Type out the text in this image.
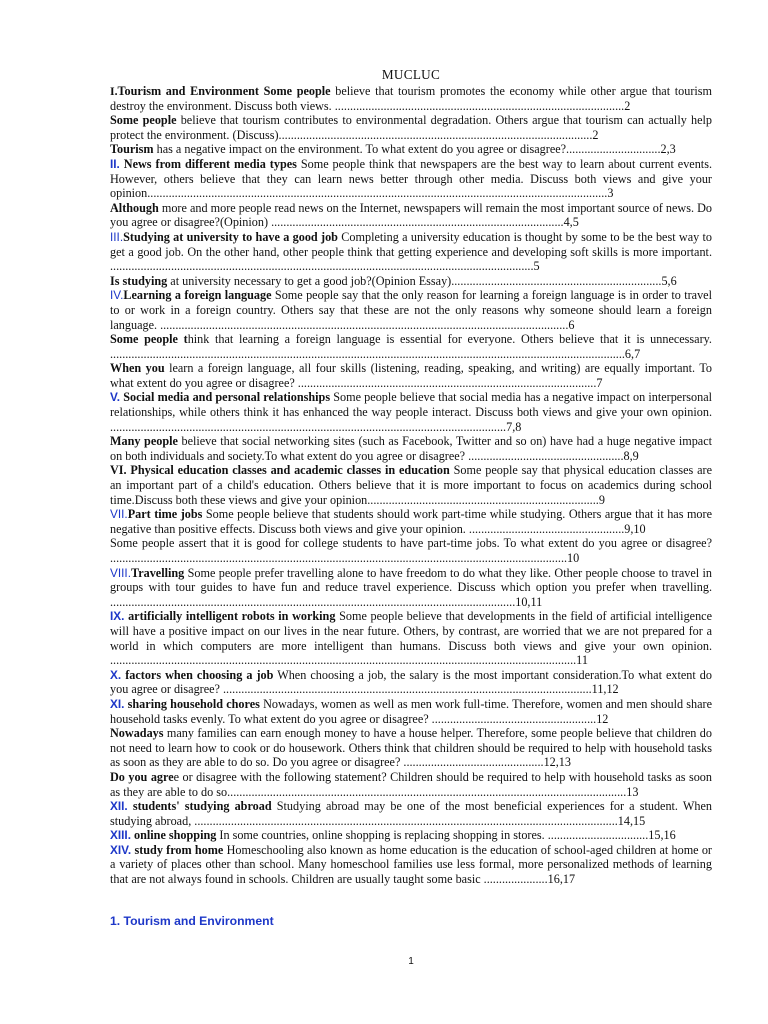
MUCLUC
I.Tourism and Environment Some people believe that tourism promotes the economy while other argue that tourism destroy the environment. Discuss both views. ...............................................................................................2
Some people believe that tourism contributes to environmental degradation. Others argue that tourism can actually help protect the environment. (Discuss).......................................................................................................2
Tourism has a negative impact on the environment. To what extent do you agree or disagree?...............................2,3
II. News from different media types Some people think that newspapers are the best way to learn about current events. However, others believe that they can learn news better through other media. Discuss both views and give your opinion.......................................................................................................................................................3
Although more and more people read news on the Internet, newspapers will remain the most important source of news. Do you agree or disagree?(Opinion) ................................................................................................4,5
III.Studying at university to have a good job Completing a university education is thought by some to be the best way to get a good job. On the other hand, other people think that getting experience and developing soft skills is more important. ...........................................................................................................................................5
Is studying at university necessary to get a good job?(Opinion Essay).....................................................................5,6
IV.Learning a foreign language Some people say that the only reason for learning a foreign language is in order to travel to or work in a foreign country. Others say that these are not the only reasons why someone should learn a foreign language. ......................................................................................................................................6
Some people think that learning a foreign language is essential for everyone. Others believe that it is unnecessary. .........................................................................................................................................................................6,7
When you learn a foreign language, all four skills (listening, reading, speaking, and writing) are equally important. To what extent do you agree or disagree? ..................................................................................................7
V. Social media and personal relationships Some people believe that social media has a negative impact on interpersonal relationships, while others think it has enhanced the way people interact. Discuss both views and give your own opinion. ..................................................................................................................................7,8
Many people believe that social networking sites (such as Facebook, Twitter and so on) have had a huge negative impact on both individuals and society.To what extent do you agree or disagree? ...................................................8,9
VI. Physical education classes and academic classes in education Some people say that physical education classes are an important part of a child's education. Others believe that it is more important to focus on academics during school time.Discuss both these views and give your opinion............................................................................9
VII.Part time jobs Some people believe that students should work part-time while studying. Others argue that it has more negative than positive effects. Discuss both views and give your opinion. ...................................................9,10
Some people assert that it is good for college students to have part-time jobs. To what extent do you agree or disagree? ......................................................................................................................................................10
VIII.Travelling Some people prefer travelling alone to have freedom to do what they like. Other people choose to travel in groups with tour guides to have fun and reduce travel experience. Discuss which option you prefer when travelling. .....................................................................................................................................10,11
IX. artificially intelligent robots in working Some people believe that developments in the field of artificial intelligence will have a positive impact on our lives in the near future. Others, by contrast, are worried that we are not prepared for a world in which computers are more intelligent than humans. Discuss both views and give your own opinion. .........................................................................................................................................................11
X. factors when choosing a job When choosing a job, the salary is the most important consideration.To what extent do you agree or disagree? .........................................................................................................................11,12
XI. sharing household chores Nowadays, women as well as men work full-time. Therefore, women and men should share household tasks evenly. To what extent do you agree or disagree? ......................................................12
Nowadays many families can earn enough money to have a house helper. Therefore, some people believe that children do not need to learn how to cook or do housework. Others think that children should be required to help with household tasks as soon as they are able to do so. Do you agree or disagree? ..............................................12,13
Do you agree or disagree with the following statement? Children should be required to help with household tasks as soon as they are able to do so...................................................................................................................................13
XII. students' studying abroad Studying abroad may be one of the most beneficial experiences for a student. When studying abroad, ...........................................................................................................................................14,15
XIII. online shopping In some countries, online shopping is replacing shopping in stores. .................................15,16
XIV. study from home Homeschooling also known as home education is the education of school-aged children at home or a variety of places other than school. Many homeschool families use less formal, more personalized methods of learning that are not always found in schools. Children are usually taught some basic .....................16,17
1. Tourism and Environment
1
